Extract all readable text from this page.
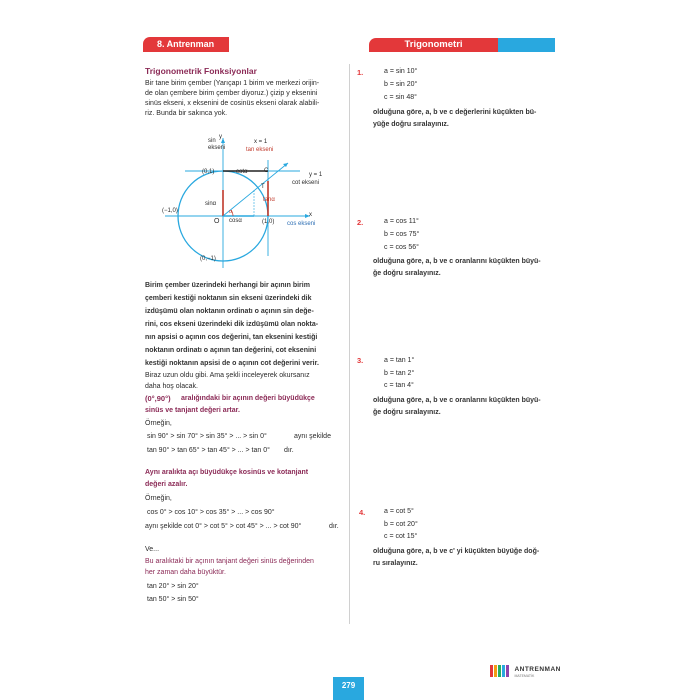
8. Antrenman	Trigonometri
Trigonometrik Fonksiyonlar
Bir tane birim çember (Yarıçapı 1 birim ve merkezi orijin-
de olan çembere birim çember diyoruz.) çizip y eksenini
sinüs ekseni, x eksenini de cosinüs ekseni olarak alabili-
riz. Bunda bir sakınca yok.
sin
ekseni
y
x = 1
tan ekseni
(0,1)	cotα	C
y = 1
cot ekseni
T
tanα
sinα
α
cosα
O
(−1,0)
(1,0)
x
cos ekseni
(0,−1)
Birim çember üzerindeki herhangi bir açının birim
çemberi kestiği noktanın sin ekseni üzerindeki dik
izdüşümü olan noktanın ordinatı o açının sin değe-
rini, cos ekseni üzerindeki dik izdüşümü olan nokta-
nın apsisi o açının cos değerini, tan eksenini kestiği
noktanın ordinatı o açının tan değerini, cot eksenini
kestiği noktanın apsisi de o açının cot değerini verir.
Biraz uzun oldu gibi. Ama şekli inceleyerek okursanız
daha hoş olacak.
(0°,90°) aralığındaki bir açının değeri büyüdükçe
sinüs ve tanjant değeri artar.
Örneğin,
sin 90° > sin 70° > sin 35° > ... > sin 0°	aynı şekilde
tan 90° > tan 65° > tan 45° > ... > tan 0° dır.
Aynı aralıkta açı büyüdükçe kosinüs ve kotanjant
değeri azalır.
Örneğin,
cos 0° > cos 10° > cos 35° > ... > cos 90°
aynı şekilde cot 0° > cot 5° > cot 45° > ... > cot 90°	dır.
Ve...
Bu aralıktaki bir açının tanjant değeri sinüs değerinden
her zaman daha büyüktür.
tan 20° > sin 20°
tan 50° > sin 50°
1.	a = sin 10°
b = sin 20°
c = sin 48°
olduğuna göre, a, b ve c değerlerini küçükten bü-
yüğe doğru sıralayınız.
2.	a = cos 11°
b = cos 75°
c = cos 56°
olduğuna göre, a, b ve c oranlarını küçükten büyü-
ğe doğru sıralayınız.
3.	a = tan 1°
b = tan 2°
c = tan 4°
olduğuna göre, a, b ve c oranlarını küçükten büyü-
ğe doğru sıralayınız.
4.	a = cot 5°
b = cot 20°
c = cot 15°
olduğuna göre, a, b ve c' yi küçükten büyüğe doğ-
ru sıralayınız.

ANTRENMAN
MATEMATİK
279
